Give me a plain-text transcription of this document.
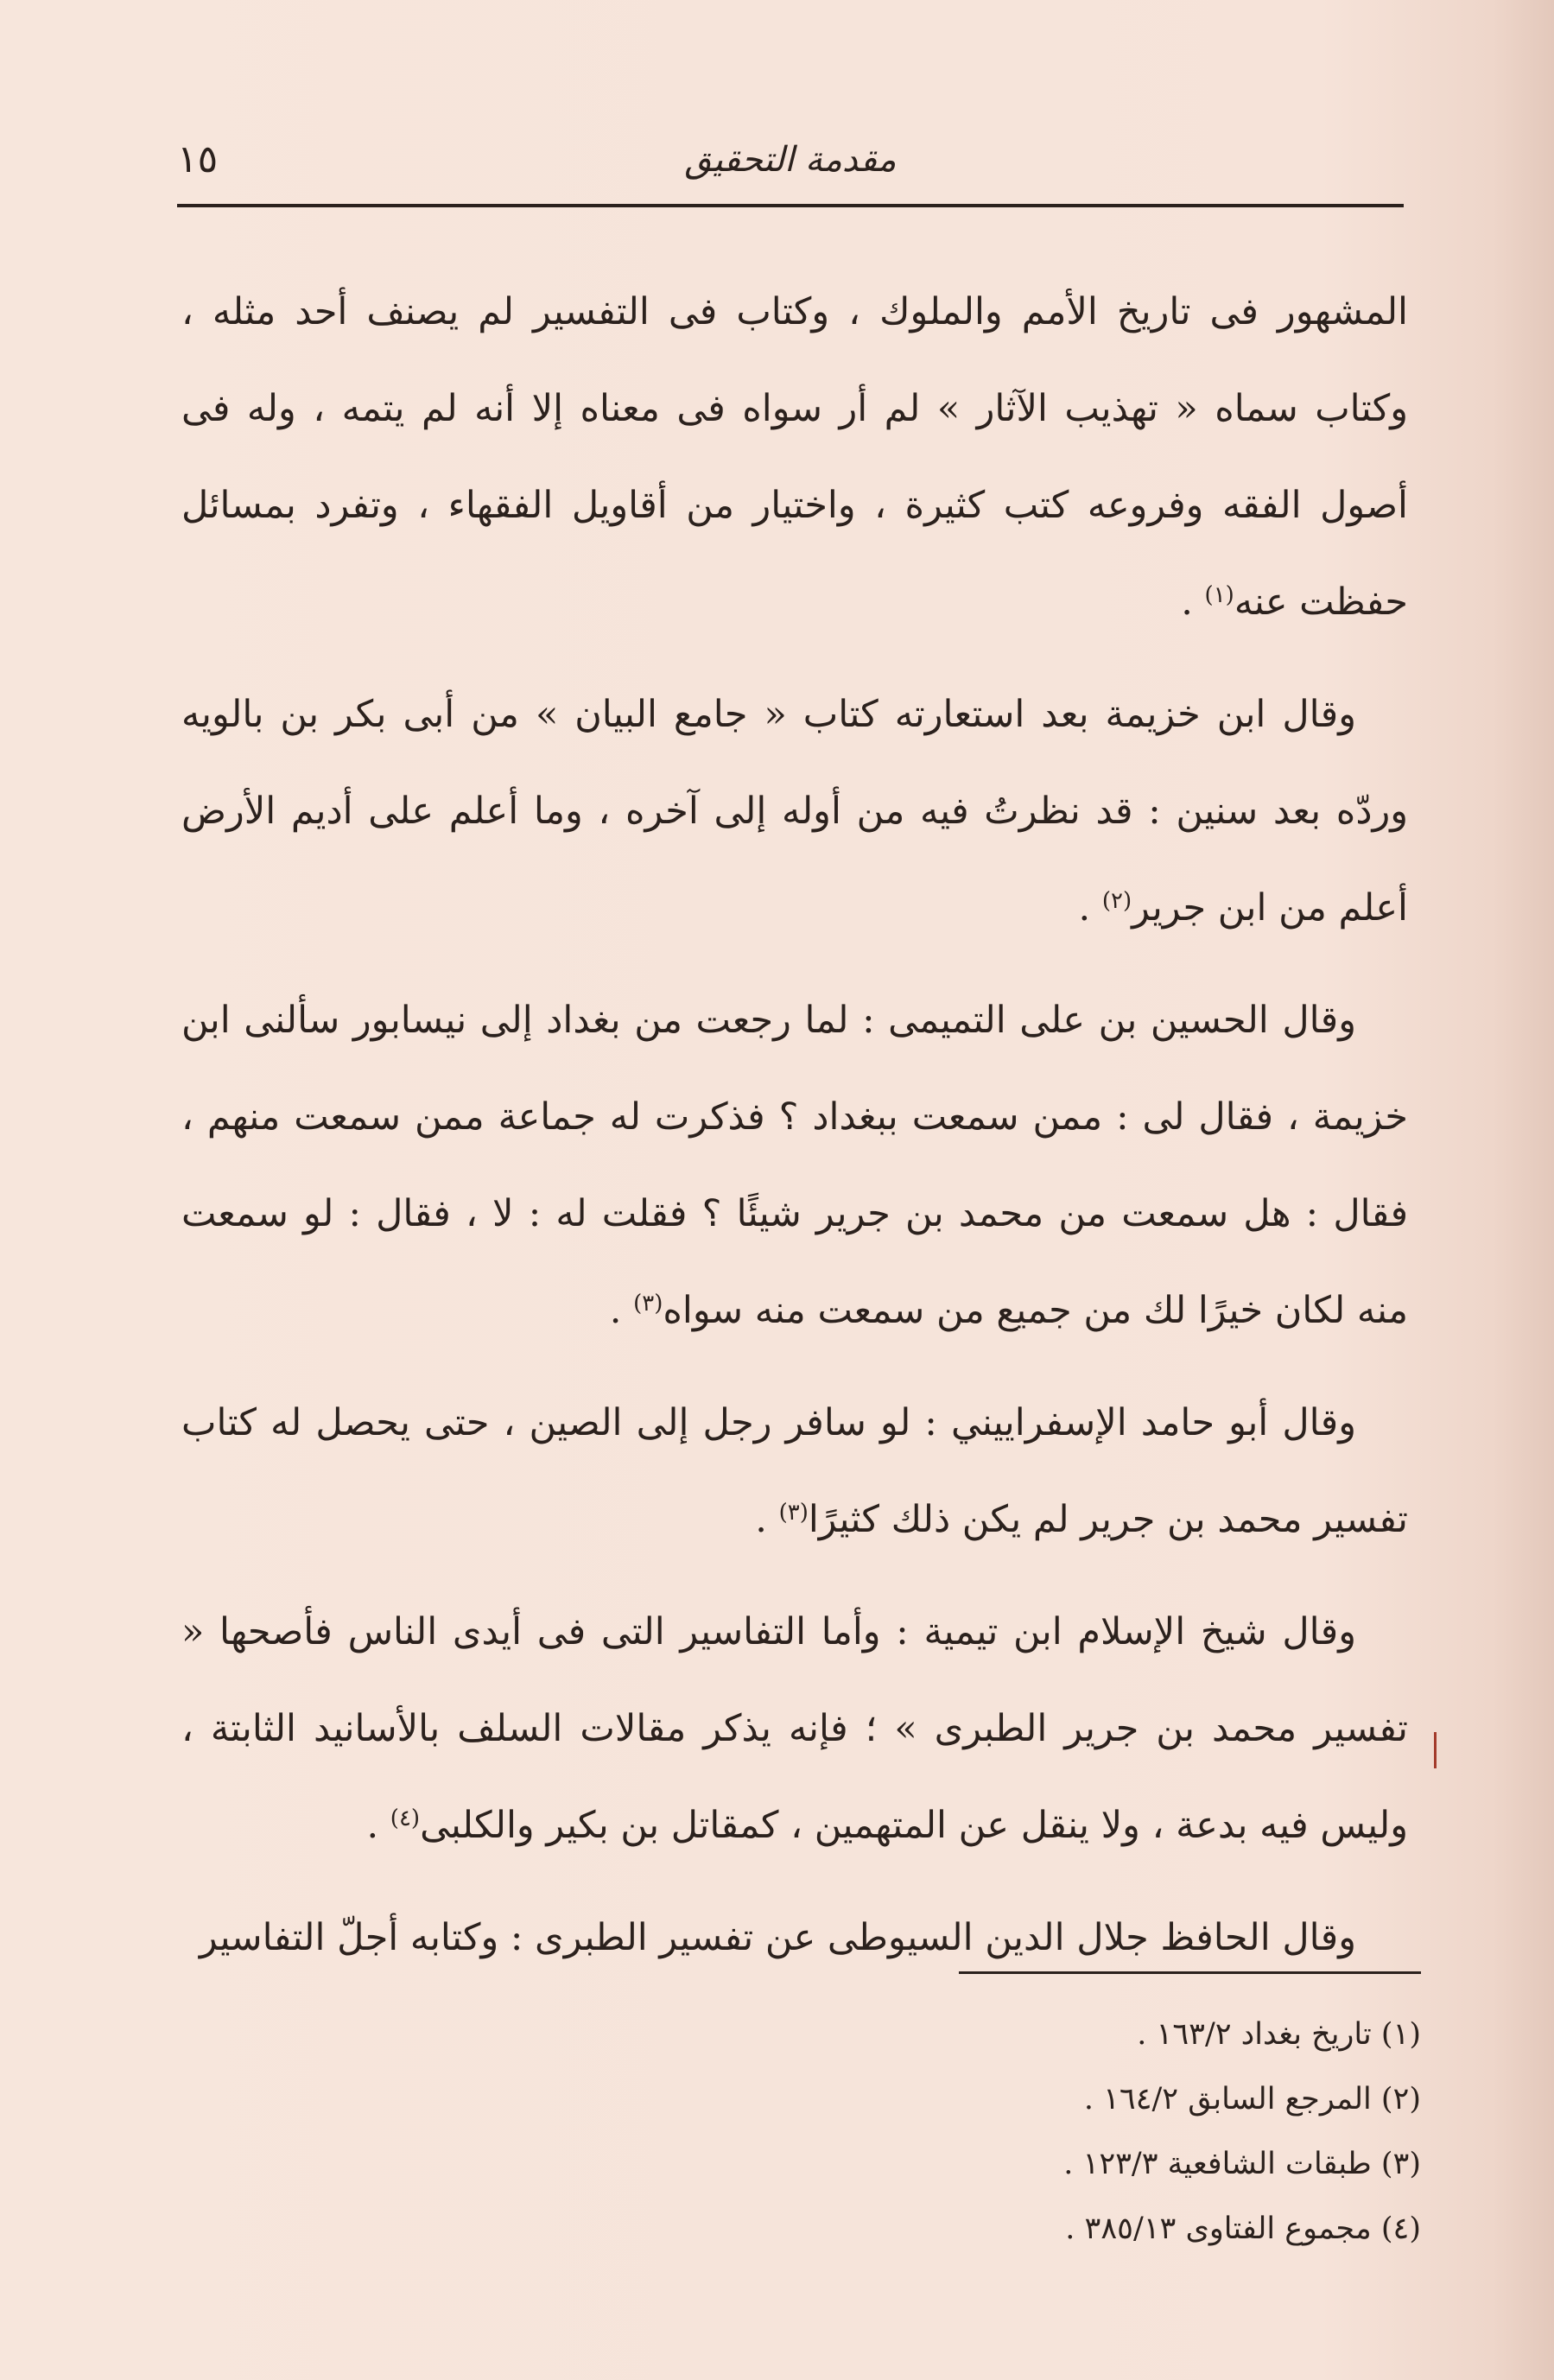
مقدمة التحقيق
١٥

المشهور فى تاريخ الأمم والملوك ، وكتاب فى التفسير لم يصنف أحد مثله ، وكتاب سماه « تهذيب الآثار » لم أر سواه فى معناه إلا أنه لم يتمه ، وله فى أصول الفقه وفروعه كتب كثيرة ، واختيار من أقاويل الفقهاء ، وتفرد بمسائل حفظت عنه$^{(١)}$ .

وقال ابن خزيمة بعد استعارته كتاب « جامع البيان » من أبى بكر بن بالويه وردّه بعد سنين : قد نظرتُ فيه من أوله إلى آخره ، وما أعلم على أديم الأرض أعلم من ابن جرير$^{(٢)}$ .

وقال الحسين بن على التميمى : لما رجعت من بغداد إلى نيسابور سألنى ابن خزيمة ، فقال لى : ممن سمعت ببغداد ؟ فذكرت له جماعة ممن سمعت منهم ، فقال : هل سمعت من محمد بن جرير شيئًا ؟ فقلت له : لا ، فقال : لو سمعت منه لكان خيرًا لك من جميع من سمعت منه سواه$^{(٣)}$ .

وقال أبو حامد الإسفراييني : لو سافر رجل إلى الصين ، حتى يحصل له كتاب تفسير محمد بن جرير لم يكن ذلك كثيرًا$^{(٣)}$ .

وقال شيخ الإسلام ابن تيمية : وأما التفاسير التى فى أيدى الناس فأصحها « تفسير محمد بن جرير الطبرى » ؛ فإنه يذكر مقالات السلف بالأسانيد الثابتة ، وليس فيه بدعة ، ولا ينقل عن المتهمين ، كمقاتل بن بكير والكلبى$^{(٤)}$ .

وقال الحافظ جلال الدين السيوطى عن تفسير الطبرى : وكتابه أجلّ التفاسير

(١) تاريخ بغداد ١٦٣/٢ .
(٢) المرجع السابق ١٦٤/٢ .
(٣) طبقات الشافعية ١٢٣/٣ .
(٤) مجموع الفتاوى ٣٨٥/١٣ .
